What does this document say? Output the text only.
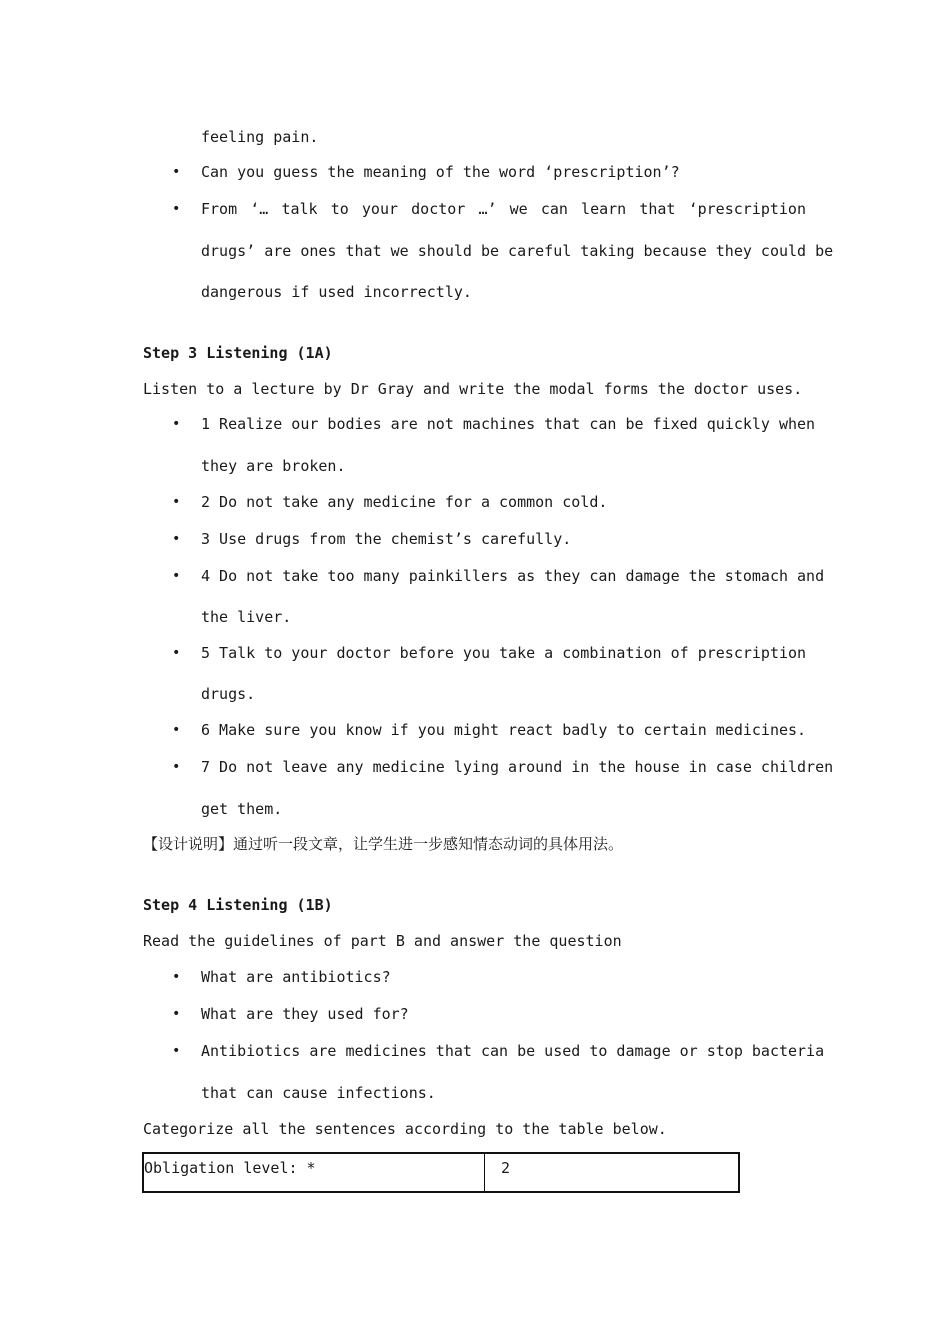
feeling pain.
• Can you guess the meaning of the word ‘prescription’?
• From ‘… talk to your doctor …’ we can learn that ‘prescription
drugs’ are ones that we should be careful taking because they could be
dangerous if used incorrectly.
Step 3 Listening (1A)
Listen to a lecture by Dr Gray and write the modal forms the doctor uses.
• 1 Realize our bodies are not machines that can be fixed quickly when
they are broken.
• 2 Do not take any medicine for a common cold.
• 3 Use drugs from the chemist’s carefully.
• 4 Do not take too many painkillers as they can damage the stomach and
the liver.
• 5 Talk to your doctor before you take a combination of prescription
drugs.
• 6 Make sure you know if you might react badly to certain medicines.
• 7 Do not leave any medicine lying around in the house in case children
get them.
【设计说明】通过听一段文章，让学生进一步感知情态动词的具体用法。
Step 4 Listening (1B)
Read the guidelines of part B and answer the question
• What are antibiotics?
• What are they used for?
• Antibiotics are medicines that can be used to damage or stop bacteria
that can cause infections.
Categorize all the sentences according to the table below.
Obligation level: *	2
